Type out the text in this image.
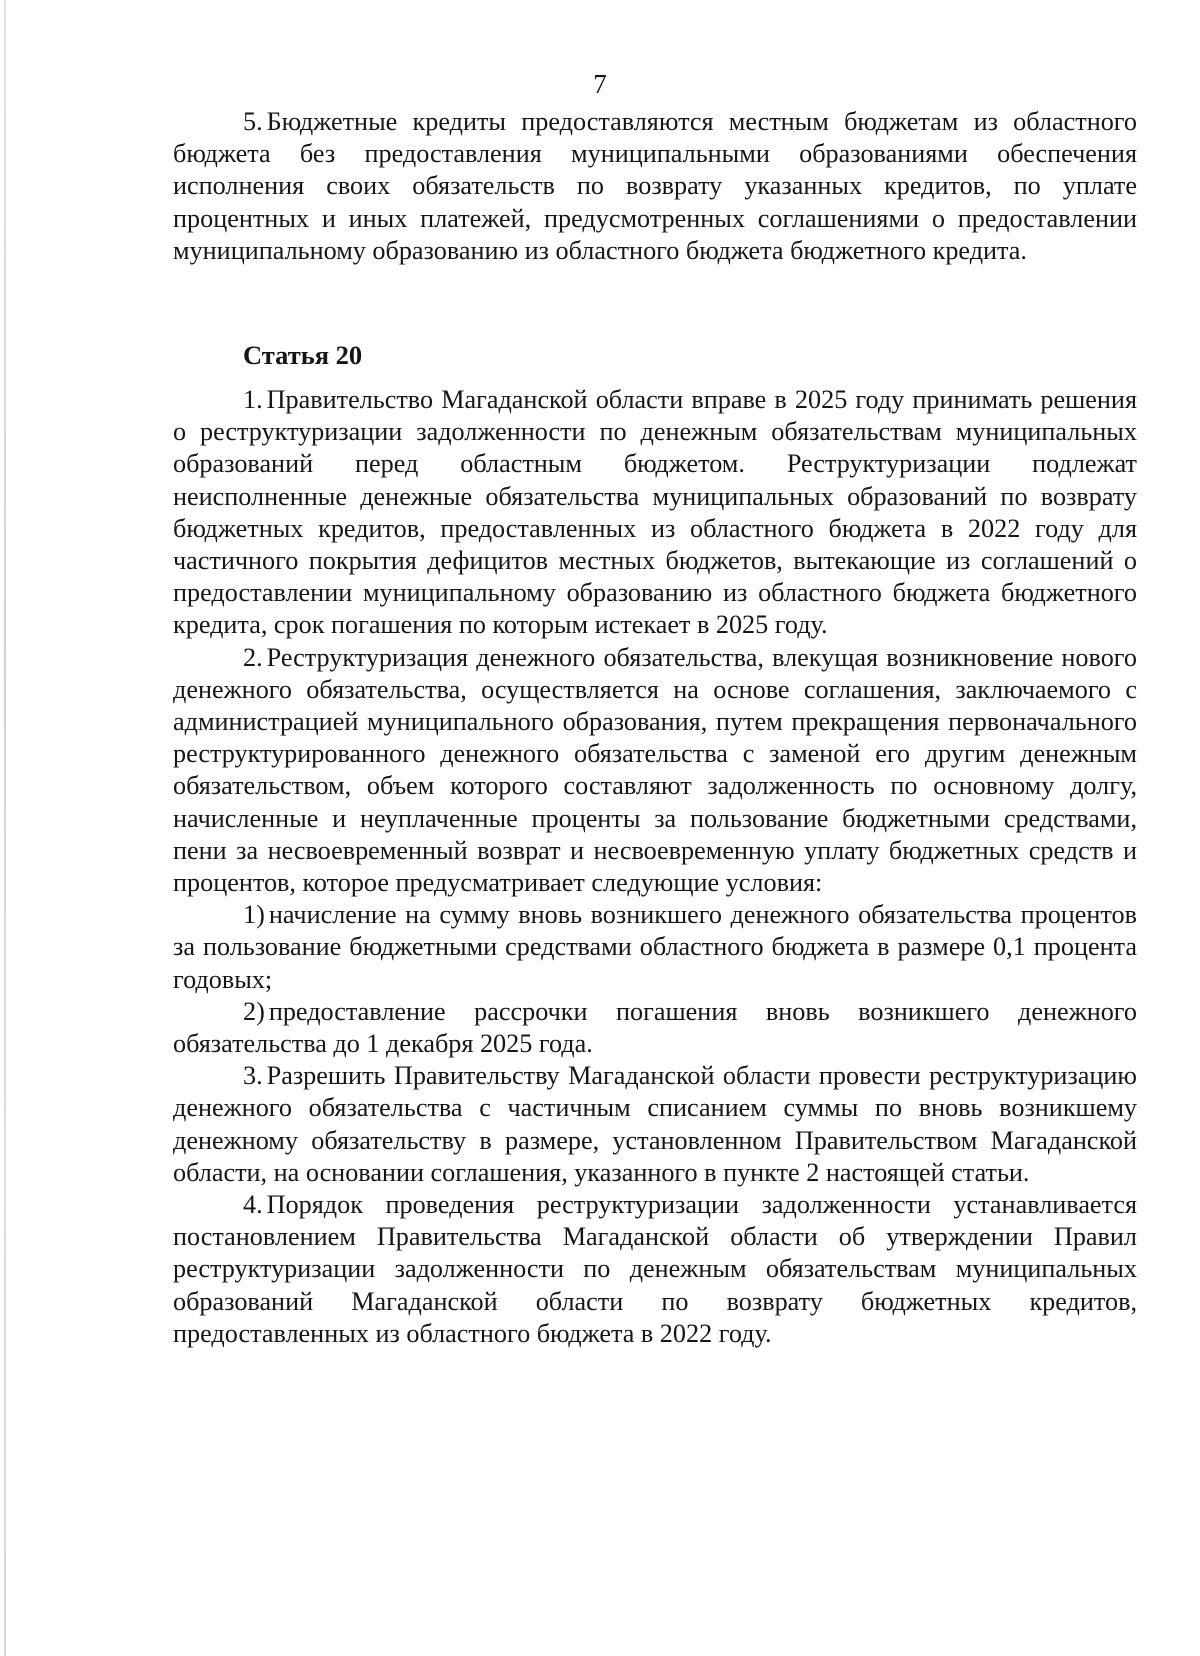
7

5. Бюджетные кредиты предоставляются местным бюджетам из областного бюджета без предоставления муниципальными образованиями обеспечения исполнения своих обязательств по возврату указанных кредитов, по уплате процентных и иных платежей, предусмотренных соглашениями о предоставлении муниципальному образованию из областного бюджета бюджетного кредита.

Статья 20

1. Правительство Магаданской области вправе в 2025 году принимать решения о реструктуризации задолженности по денежным обязательствам муниципальных образований перед областным бюджетом. Реструктуризации подлежат неисполненные денежные обязательства муниципальных образований по возврату бюджетных кредитов, предоставленных из областного бюджета в 2022 году для частичного покрытия дефицитов местных бюджетов, вытекающие из соглашений о предоставлении муниципальному образованию из областного бюджета бюджетного кредита, срок погашения по которым истекает в 2025 году.

2. Реструктуризация денежного обязательства, влекущая возникновение нового денежного обязательства, осуществляется на основе соглашения, заключаемого с администрацией муниципального образования, путем прекращения первоначального реструктурированного денежного обязательства с заменой его другим денежным обязательством, объем которого составляют задолженность по основному долгу, начисленные и неуплаченные проценты за пользование бюджетными средствами, пени за несвоевременный возврат и несвоевременную уплату бюджетных средств и процентов, которое предусматривает следующие условия:

1) начисление на сумму вновь возникшего денежного обязательства процентов за пользование бюджетными средствами областного бюджета в размере 0,1 процента годовых;

2) предоставление рассрочки погашения вновь возникшего денежного обязательства до 1 декабря 2025 года.

3. Разрешить Правительству Магаданской области провести реструктуризацию денежного обязательства с частичным списанием суммы по вновь возникшему денежному обязательству в размере, установленном Правительством Магаданской области, на основании соглашения, указанного в пункте 2 настоящей статьи.

4. Порядок проведения реструктуризации задолженности устанавливается постановлением Правительства Магаданской области об утверждении Правил реструктуризации задолженности по денежным обязательствам муниципальных образований Магаданской области по возврату бюджетных кредитов, предоставленных из областного бюджета в 2022 году.
